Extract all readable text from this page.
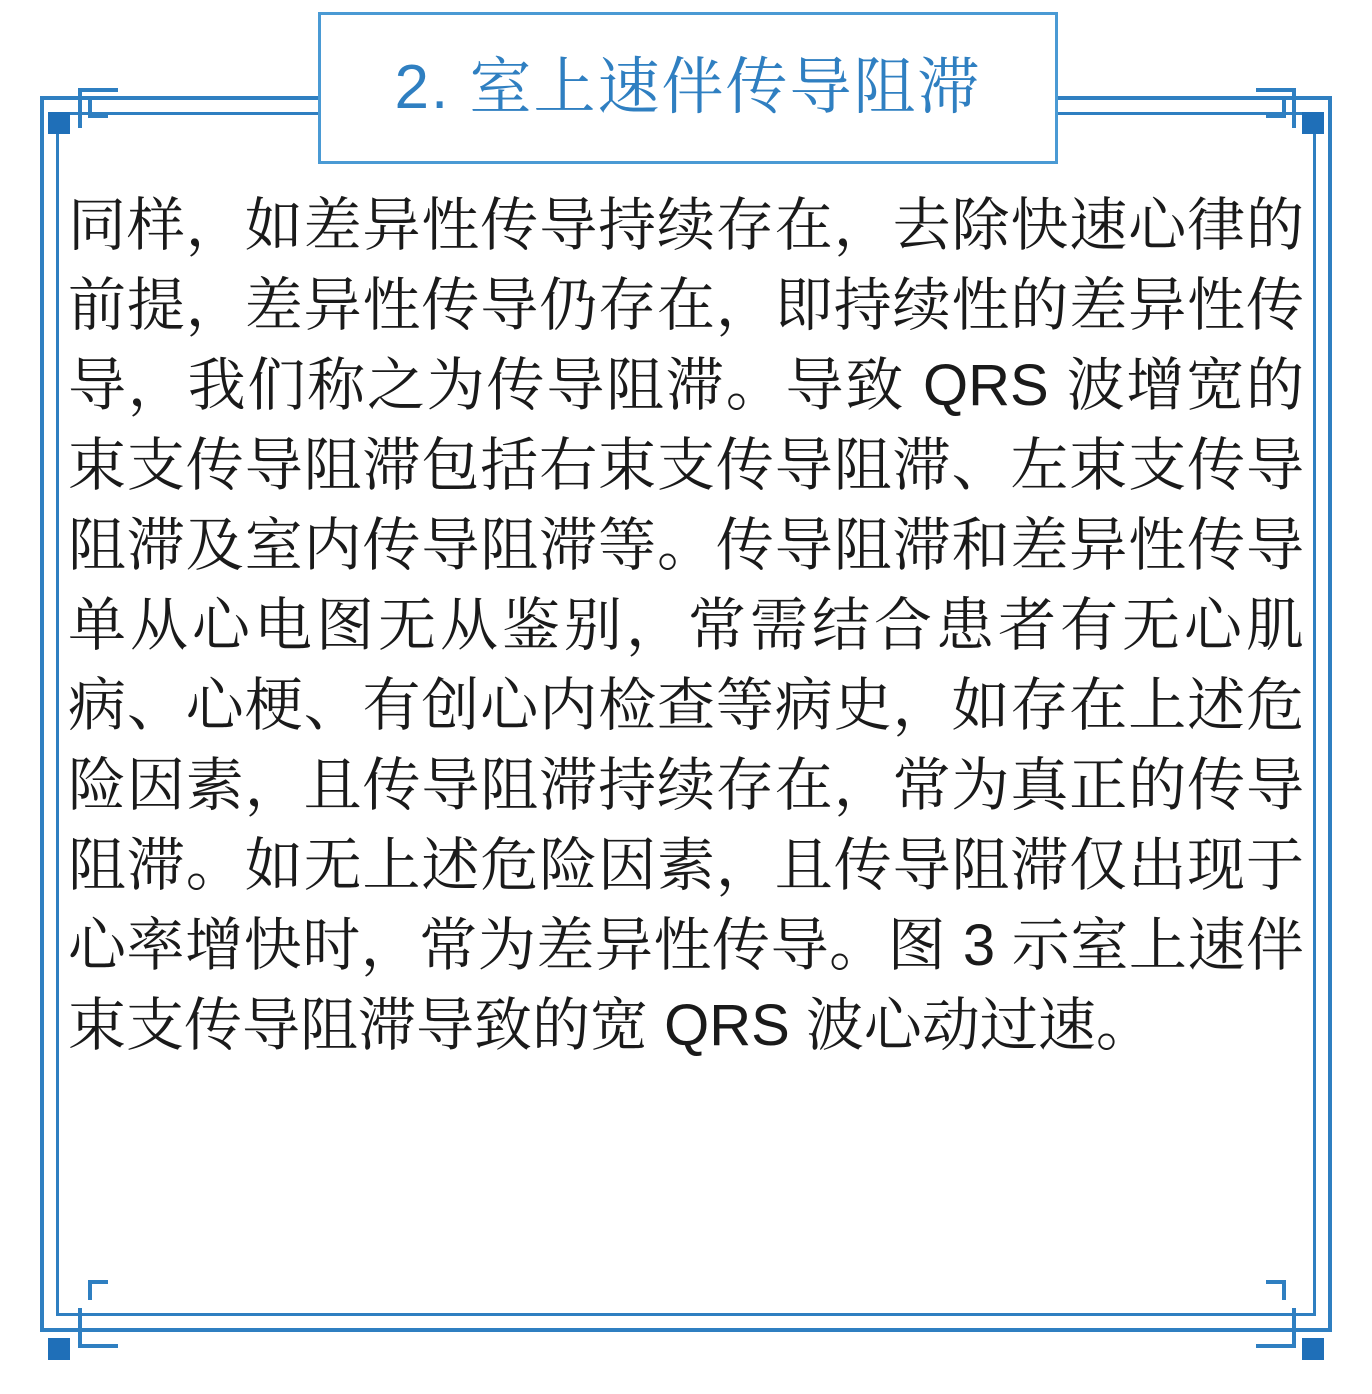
2. 室上速伴传导阻滞

同样，如差异性传导持续存在，去除快速心律的前提，差异性传导仍存在，即持续性的差异性传导，我们称之为传导阻滞。导致 QRS 波增宽的束支传导阻滞包括右束支传导阻滞、左束支传导阻滞及室内传导阻滞等。传导阻滞和差异性传导单从心电图无从鉴别，常需结合患者有无心肌病、心梗、有创心内检查等病史，如存在上述危险因素，且传导阻滞持续存在，常为真正的传导阻滞。如无上述危险因素，且传导阻滞仅出现于心率增快时，常为差异性传导。图 3 示室上速伴束支传导阻滞导致的宽 QRS 波心动过速。
